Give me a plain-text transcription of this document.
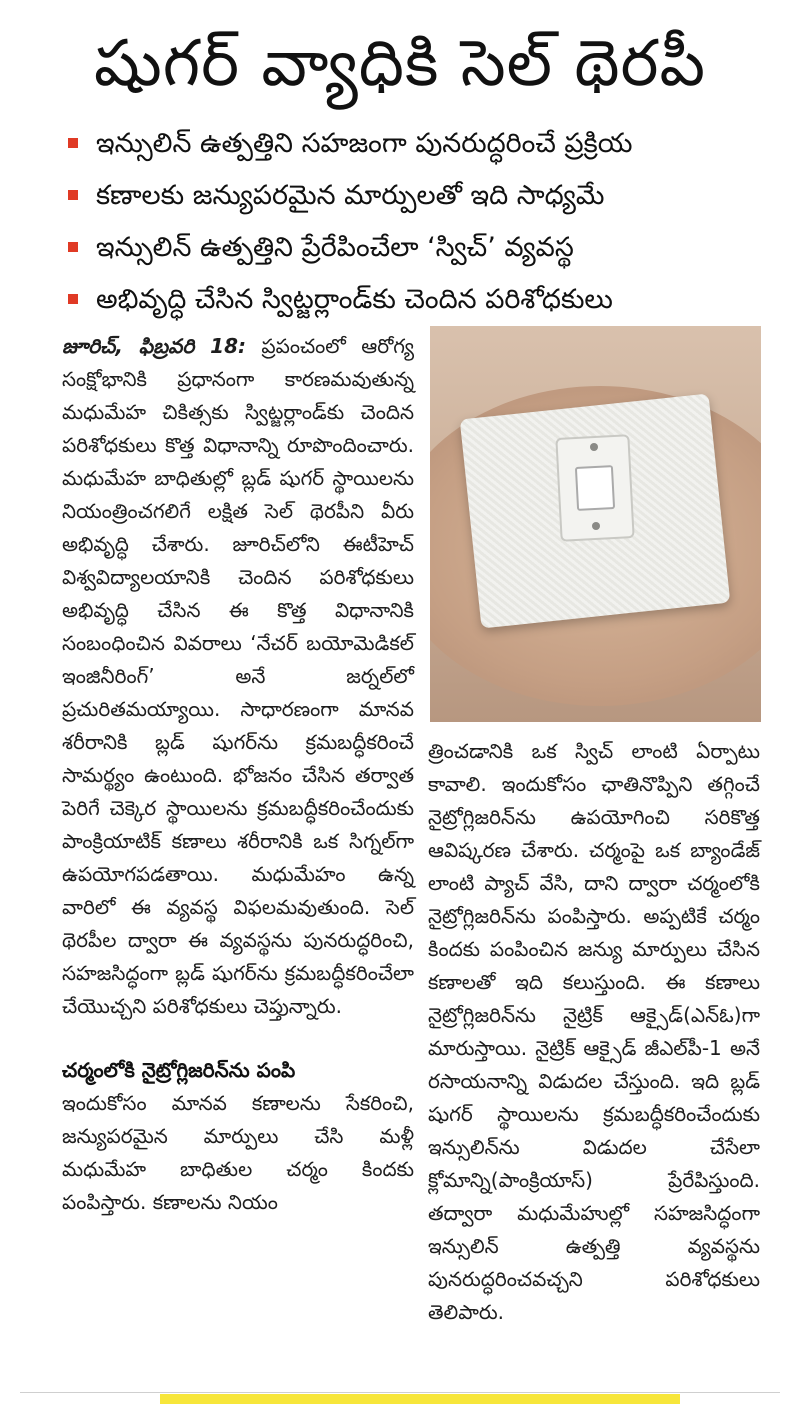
షుగర్ వ్యాధికి సెల్ థెరపీ
ఇన్సులిన్ ఉత్పత్తిని సహజంగా పునరుద్ధరించే ప్రక్రియ
కణాలకు జన్యుపరమైన మార్పులతో ఇది సాధ్యమే
ఇన్సులిన్ ఉత్పత్తిని ప్రేరేపించేలా ‘స్విచ్’ వ్యవస్థ
అభివృద్ధి చేసిన స్విట్జర్లాండ్‌కు చెందిన పరిశోధకులు

జూరిచ్, ఫిబ్రవరి 18: ప్రపంచంలో ఆరోగ్య సంక్షోభానికి ప్రధానంగా కారణమవుతున్న మధుమేహ చికిత్సకు స్విట్జర్లాండ్‌కు చెందిన పరిశోధకులు కొత్త విధానాన్ని రూపొందించారు. మధుమేహ బాధితుల్లో బ్లడ్ షుగర్ స్థాయిలను నియంత్రించగలిగే లక్షిత సెల్ థెరపీని వీరు అభివృద్ధి చేశారు. జూరిచ్‌లోని ఈటీహెచ్ విశ్వవిద్యాలయానికి చెందిన పరిశోధకులు అభివృద్ధి చేసిన ఈ కొత్త విధానానికి సంబంధించిన వివరాలు ‘నేచర్ బయోమెడికల్ ఇంజినీరింగ్’ అనే జర్నల్‌లో ప్రచురితమయ్యాయి. సాధారణంగా మానవ శరీరానికి బ్లడ్ షుగర్‌ను క్రమబద్ధీకరించే సామర్థ్యం ఉంటుంది. భోజనం చేసిన తర్వాత పెరిగే చెక్కెర స్థాయిలను క్రమబద్ధీకరించేందుకు పాంక్రియాటిక్ కణాలు శరీరానికి ఒక సిగ్నల్‌గా ఉపయోగపడతాయి. మధుమేహం ఉన్న వారిలో ఈ వ్యవస్థ విఫలమవుతుంది. సెల్ థెరపీల ద్వారా ఈ వ్యవస్థను పునరుద్ధరించి, సహజసిద్ధంగా బ్లడ్ షుగర్‌ను క్రమబద్ధీకరించేలా చేయొచ్చని పరిశోధకులు చెప్తున్నారు.

చర్మంలోకి నైట్రోగ్లిజరిన్‌ను పంపి

ఇందుకోసం మానవ కణాలను సేకరించి, జన్యుపరమైన మార్పులు చేసి మళ్లీ మధుమేహ బాధితుల చర్మం కిందకు పంపిస్తారు. కణాలను నియం

త్రించడానికి ఒక స్విచ్ లాంటి ఏర్పాటు కావాలి. ఇందుకోసం ఛాతినొప్పిని తగ్గించే నైట్రోగ్లిజరిన్‌ను ఉపయోగించి సరికొత్త ఆవిష్కరణ చేశారు. చర్మంపై ఒక బ్యాండేజ్ లాంటి ప్యాచ్ వేసి, దాని ద్వారా చర్మంలోకి నైట్రోగ్లిజరిన్‌ను పంపిస్తారు. అప్పటికే చర్మం కిందకు పంపించిన జన్యు మార్పులు చేసిన కణాలతో ఇది కలుస్తుంది. ఈ కణాలు నైట్రోగ్లిజరిన్‌ను నైట్రిక్ ఆక్సైడ్(ఎన్ఓ)గా మారుస్తాయి. నైట్రిక్ ఆక్సైడ్ జీఎల్‌పీ-1 అనే రసాయనాన్ని విడుదల చేస్తుంది. ఇది బ్లడ్ షుగర్ స్థాయిలను క్రమబద్ధీకరించేందుకు ఇన్సులిన్‌ను విడుదల చేసేలా క్లోమాన్ని(పాంక్రియాస్) ప్రేరేపిస్తుంది. తద్వారా మధుమేహుల్లో సహజసిద్ధంగా ఇన్సులిన్ ఉత్పత్తి వ్యవస్థను పునరుద్ధరించవచ్చని పరిశోధకులు తెలిపారు.
